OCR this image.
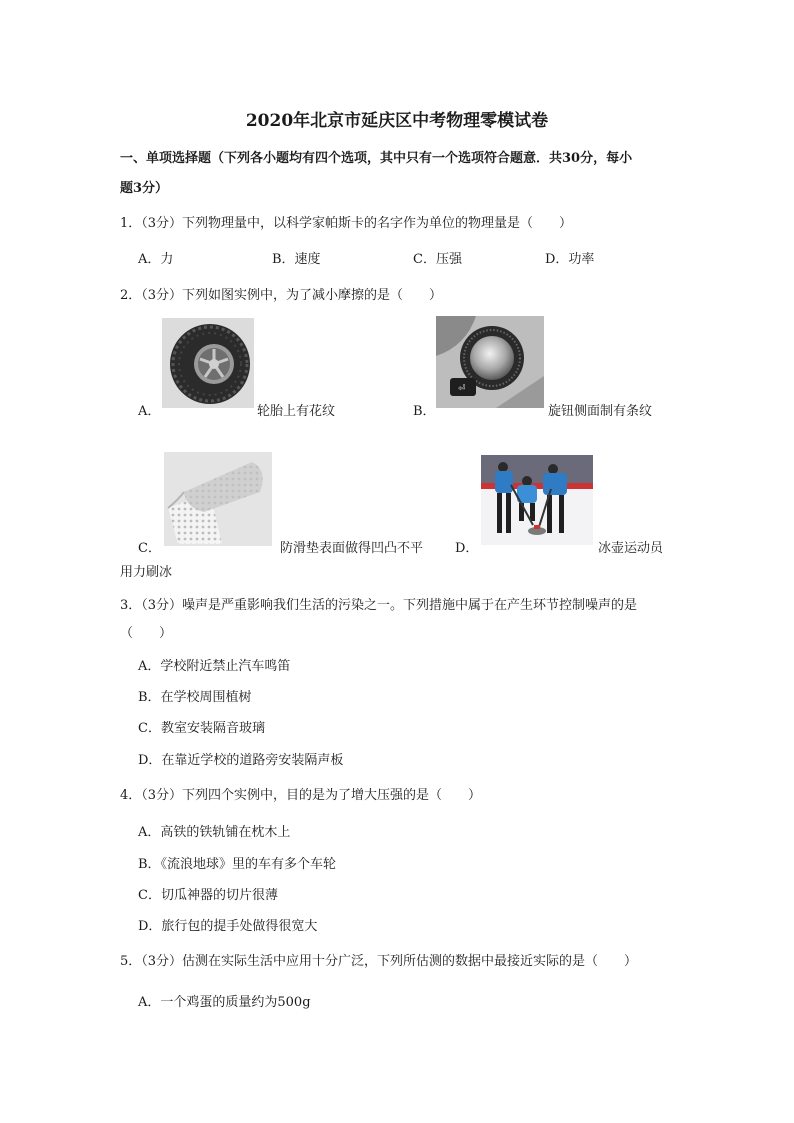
2020年北京市延庆区中考物理零模试卷
一、单项选择题（下列各小题均有四个选项，其中只有一个选项符合题意．共30分，每小
题3分）
1．（3分）下列物理量中，以科学家帕斯卡的名字作为单位的物理量是（　　）
A．力	B．速度	C．压强	D．功率
2．（3分）下列如图实例中，为了减小摩擦的是（　　）
A．	轮胎上有花纹
⏎
B．	旋钮侧面制有条纹
C．	防滑垫表面做得凹凸不平 D．	冰壶运动员
用力刷冰
3．（3分）噪声是严重影响我们生活的污染之一。下列措施中属于在产生环节控制噪声的是
（　　）
A．学校附近禁止汽车鸣笛
B．在学校周围植树
C．教室安装隔音玻璃
D．在靠近学校的道路旁安装隔声板
4．（3分）下列四个实例中，目的是为了增大压强的是（　　）
A．高铁的铁轨铺在枕木上
B．《流浪地球》里的车有多个车轮
C．切瓜神器的切片很薄
D．旅行包的提手处做得很宽大
5．（3分）估测在实际生活中应用十分广泛，下列所估测的数据中最接近实际的是（　　）
A．一个鸡蛋的质量约为500g
